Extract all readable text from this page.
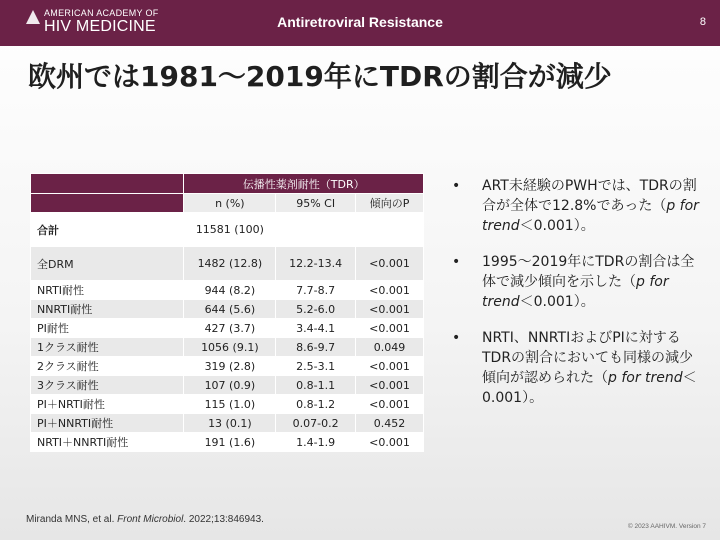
AMERICAN ACADEMY OF
HIV MEDICINE	Antiretroviral Resistance	8
欧州では1981～2019年にTDRの割合が減少
	伝播性薬剤耐性（TDR）		
	n (%)	95% CI	傾向のP
合計	11581 (100)		
全DRM	1482 (12.8)	12.2-13.4	<0.001
NRTI耐性	944 (8.2)	7.7-8.7	<0.001
NNRTI耐性	644 (5.6)	5.2-6.0	<0.001
PI耐性	427 (3.7)	3.4-4.1	<0.001
1クラス耐性	1056 (9.1)	8.6-9.7	0.049
2クラス耐性	319 (2.8)	2.5-3.1	<0.001
3クラス耐性	107 (0.9)	0.8-1.1	<0.001
PI＋NRTI耐性	115 (1.0)	0.8-1.2	<0.001
PI＋NNRTI耐性	13 (0.1)	0.07-0.2	0.452
NRTI＋NNRTI耐性	191 (1.6)	1.4-1.9	<0.001
• ART未経験のPWHでは、TDRの割合が全体で12.8%であった（p for trend＜0.001）。
• 1995～2019年にTDRの割合は全体で減少傾向を示した（p for trend＜0.001）。
• NRTI、NNRTIおよびPIに対するTDRの割合においても同様の減少傾向が認められた（p for trend＜0.001）。
Miranda MNS, et al. Front Microbiol. 2022;13:846943.
© 2023 AAHIVM. Version 7
